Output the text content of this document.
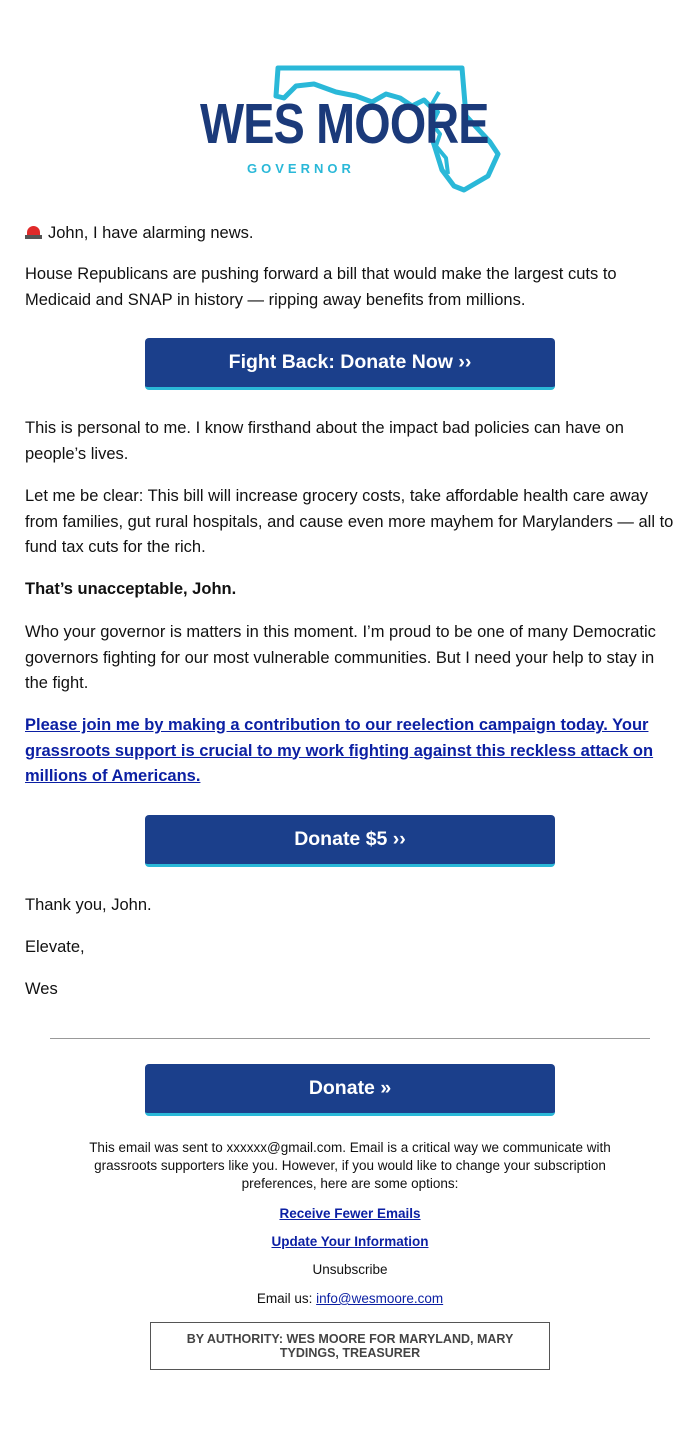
WES MOORE
GOVERNOR

John, I have alarming news.

House Republicans are pushing forward a bill that would make the largest cuts to Medicaid and SNAP in history — ripping away benefits from millions.

Fight Back: Donate Now ››

This is personal to me. I know firsthand about the impact bad policies can have on people’s lives.

Let me be clear: This bill will increase grocery costs, take affordable health care away from families, gut rural hospitals, and cause even more mayhem for Marylanders — all to fund tax cuts for the rich.

That’s unacceptable, John.

Who your governor is matters in this moment. I’m proud to be one of many Democratic governors fighting for our most vulnerable communities. But I need your help to stay in the fight.

Please join me by making a contribution to our reelection campaign today. Your grassroots support is crucial to my work fighting against this reckless attack on millions of Americans.

Donate $5 ››

Thank you, John.

Elevate,

Wes

Donate »
This email was sent to xxxxxx@gmail.com. Email is a critical way we communicate with grassroots supporters like you. However, if you would like to change your subscription preferences, here are some options:
Receive Fewer Emails
Update Your Information
Unsubscribe
Email us: info@wesmoore.com
BY AUTHORITY: WES MOORE FOR MARYLAND, MARY TYDINGS, TREASURER
